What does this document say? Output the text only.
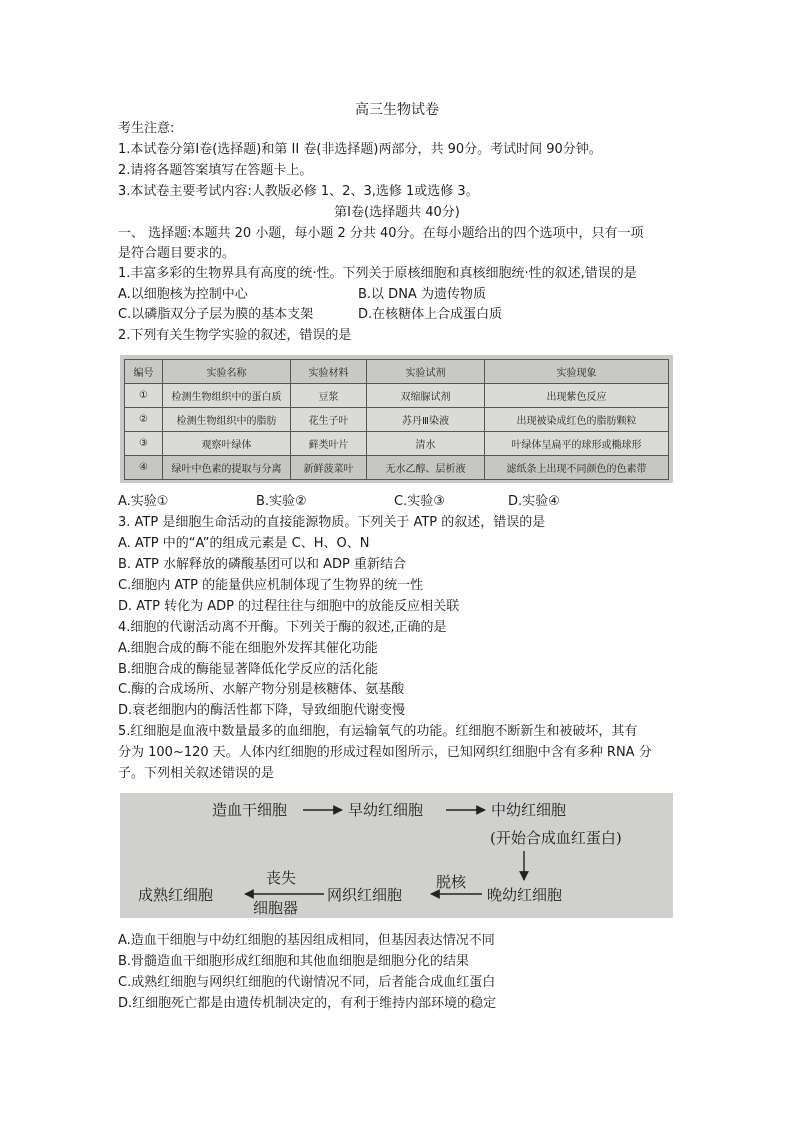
高三生物试卷
考生注意:
1.本试卷分第Ⅰ卷(选择题)和第 II 卷(非选择题)两部分，共 90分。考试时间 90分钟。
2.请将各题答案填写在答题卡上。
3.本试卷主要考试内容:人教版必修 1、2、3,选修 1或选修 3。
第Ⅰ卷(选择题共 40分)
一、 选择题:本题共 20 小题，每小题 2 分共 40分。在每小题给出的四个选项中，只有一项
是符合题目要求的。
1.丰富多彩的生物界具有高度的统·性。下列关于原核细胞和真核细胞统·性的叙述,错误的是
A.以细胞核为控制中心	B.以 DNA 为遗传物质
C.以磷脂双分子层为膜的基本支架	D.在核糖体上合成蛋白质
2.下列有关生物学实验的叙述，错误的是
编号	实验名称	实验材料	实验试剂	实验现象
①	检测生物组织中的蛋白质	豆浆	双缩脲试剂	出现紫色反应
②	检测生物组织中的脂肪	花生子叶	苏丹Ⅲ染液	出现被染成红色的脂肪颗粒
③	观察叶绿体	藓类叶片	清水	叶绿体呈扁平的球形或椭球形
④	绿叶中色素的提取与分离	新鲜菠菜叶	无水乙醇、层析液	滤纸条上出现不同颜色的色素带
A.实验①	B.实验②	C.实验③	D.实验④
3. ATP 是细胞生命活动的直接能源物质。下列关于 ATP 的叙述，错误的是
A. ATP 中的“A”的组成元素是 C、H、O、N
B. ATP 水解释放的磷酸基团可以和 ADP 重新结合
C.细胞内 ATP 的能量供应机制体现了生物界的统一性
D. ATP 转化为 ADP 的过程往往与细胞中的放能反应相关联
4.细胞的代谢活动离不开酶。下列关于酶的叙述,正确的是
A.细胞合成的酶不能在细胞外发挥其催化功能
B.细胞合成的酶能显著降低化学反应的活化能
C.酶的合成场所、水解产物分别是核糖体、氨基酸
D.衰老细胞内的酶活性都下降，导致细胞代谢变慢
5.红细胞是血液中数量最多的血细胞，有运输氧气的功能。红细胞不断新生和被破坏，其有
分为 100~120 天。人体内红细胞的形成过程如图所示，已知网织红细胞中含有多种 RNA 分
子。下列相关叙述错误的是
造血干细胞	早幼红细胞	中幼红细胞
(开始合成血红蛋白)
晚幼红细胞
脱核
网织红细胞
丧失
细胞器
成熟红细胞
A.造血干细胞与中幼红细胞的基因组成相同，但基因表达情况不同
B.骨髓造血干细胞形成红细胞和其他血细胞是细胞分化的结果
C.成熟红细胞与网织红细胞的代谢情况不同，后者能合成血红蛋白
D.红细胞死亡都是由遗传机制决定的，有利于维持内部环境的稳定
